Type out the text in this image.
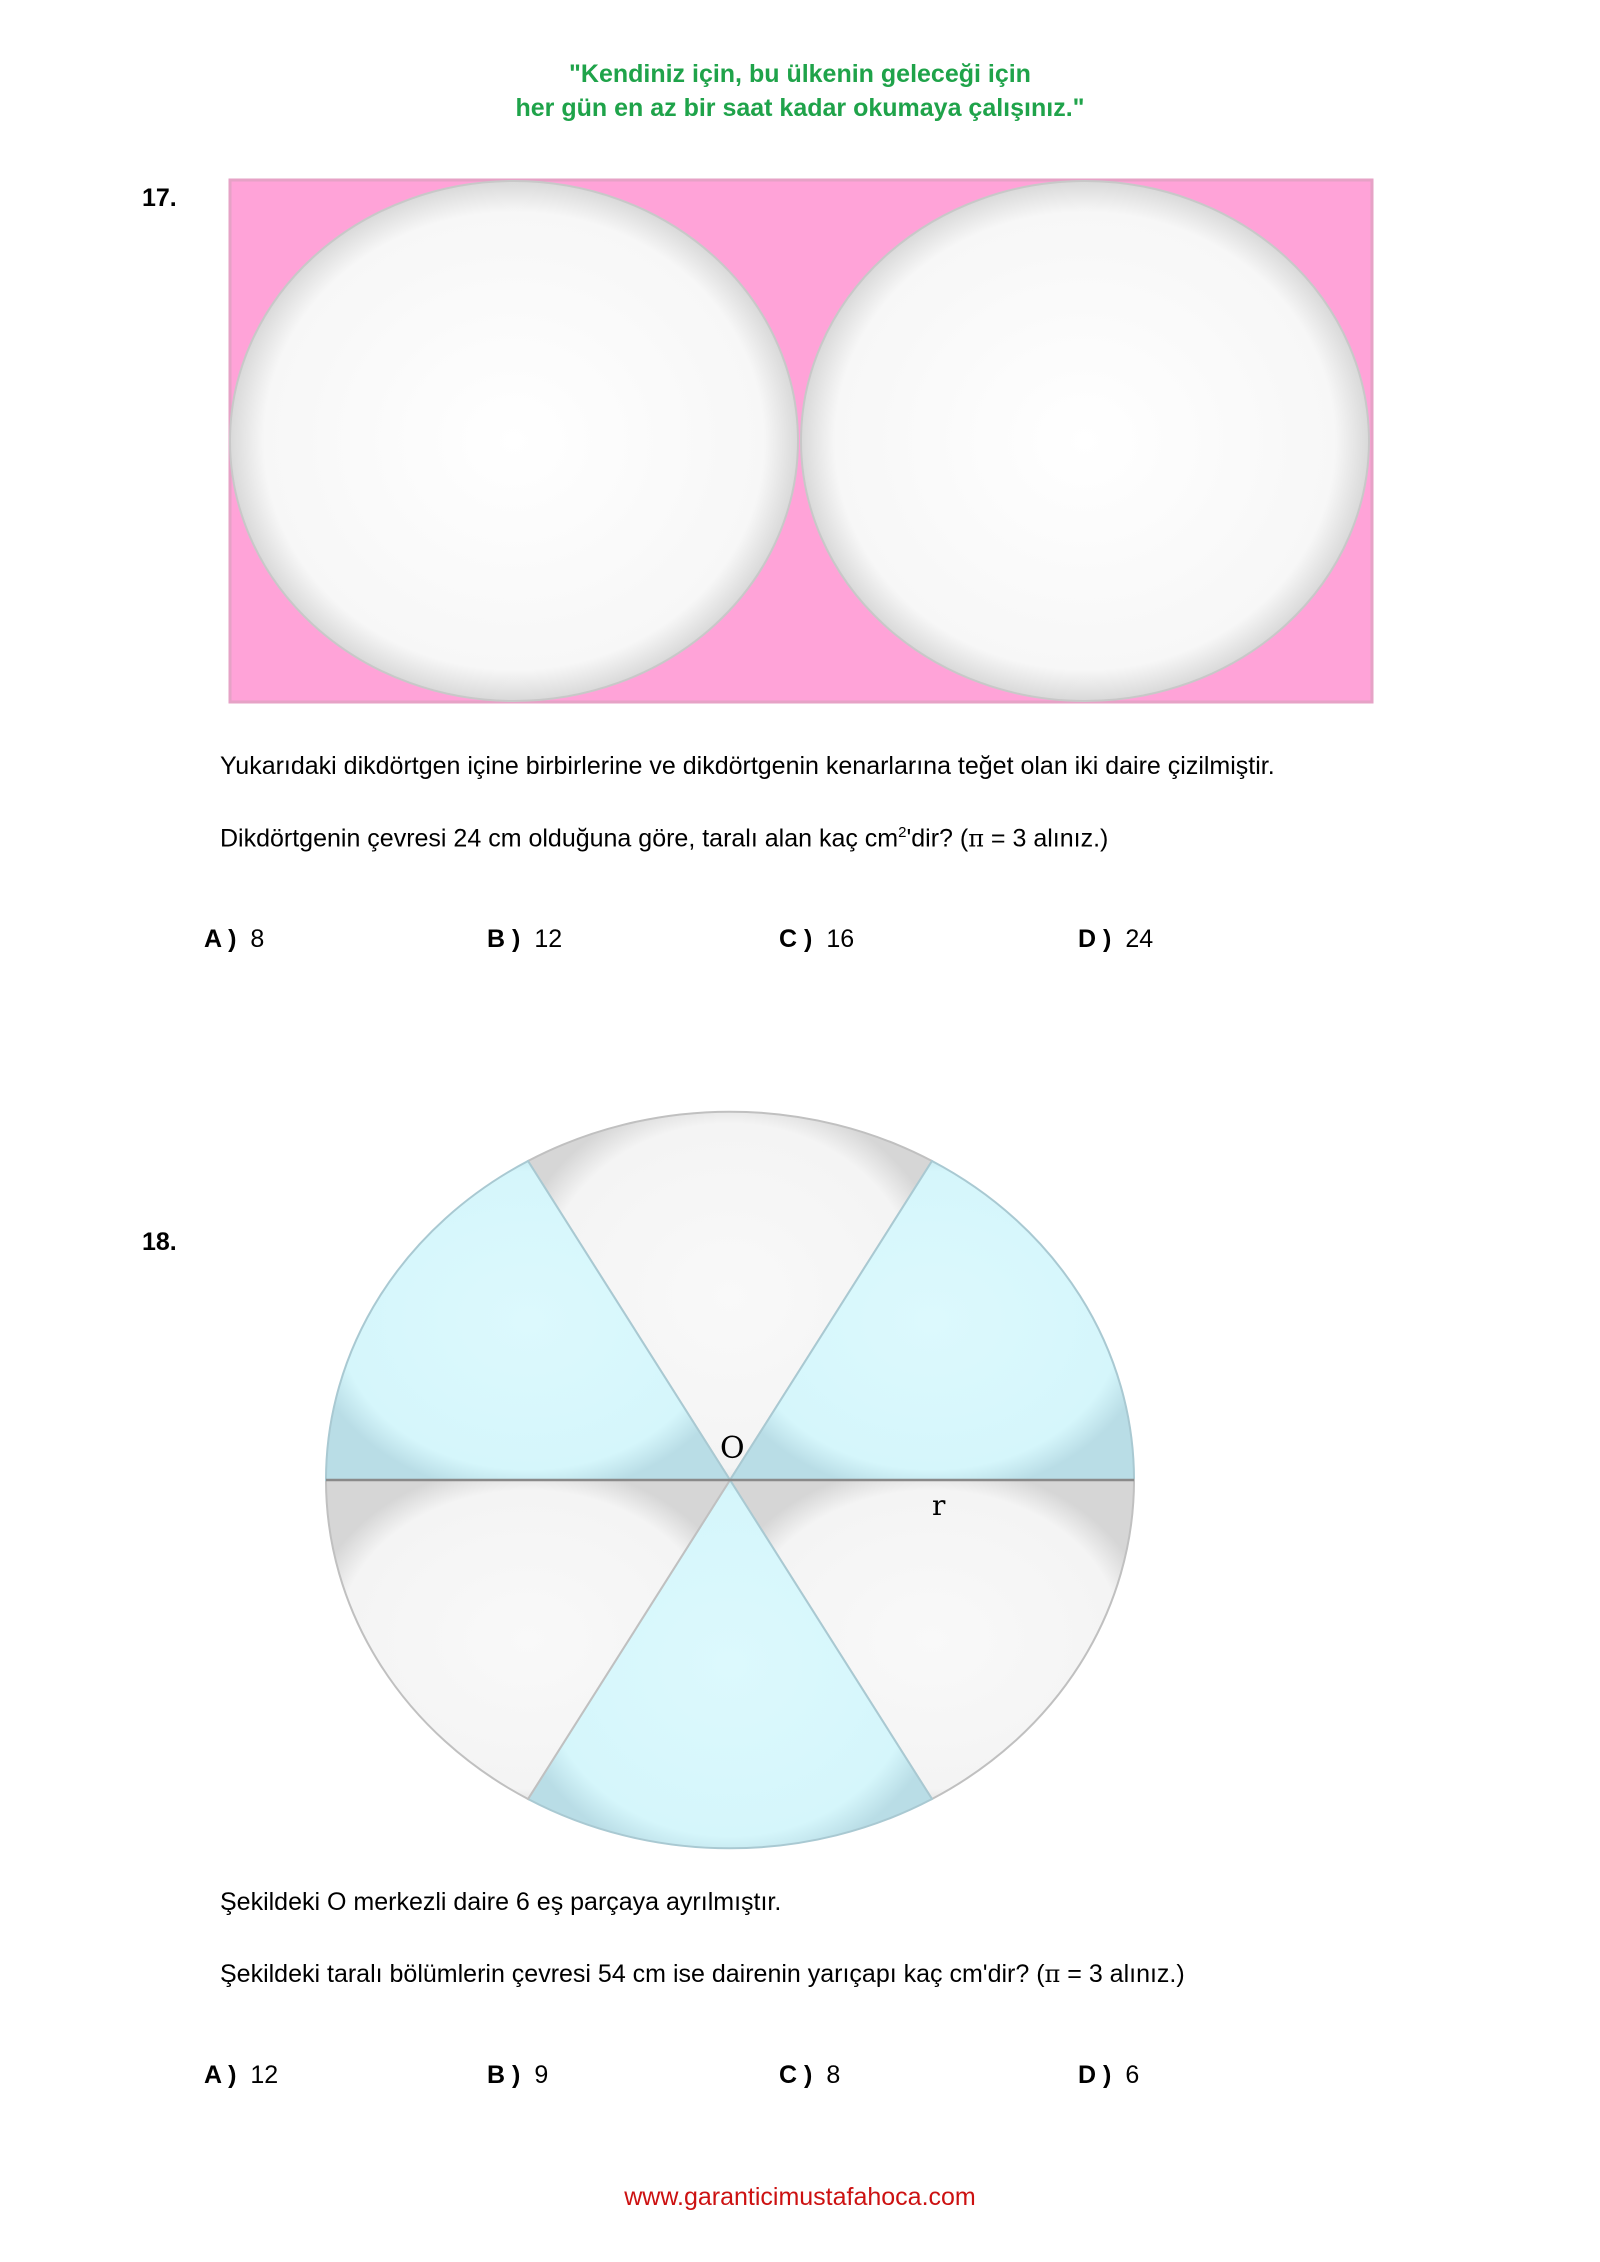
"Kendiniz için, bu ülkenin geleceği için
her gün en az bir saat kadar okumaya çalışınız."
17.
Yukarıdaki dikdörtgen içine birbirlerine ve dikdörtgenin kenarlarına teğet olan iki daire çizilmiştir.
Dikdörtgenin çevresi 24 cm olduğuna göre, taralı alan kaç $cm^2'dir$? (π = 3 alınız.)
A ) 8	B ) 12	C ) 16	D ) 24
18.
O
r
Şekildeki O merkezli daire 6 eş parçaya ayrılmıştır.
Şekildeki taralı bölümlerin çevresi 54 cm ise dairenin yarıçapı kaç cm'dir? (π = 3 alınız.)
A ) 12	B ) 9	C ) 8	D ) 6
www.garanticimustafahoca.com
